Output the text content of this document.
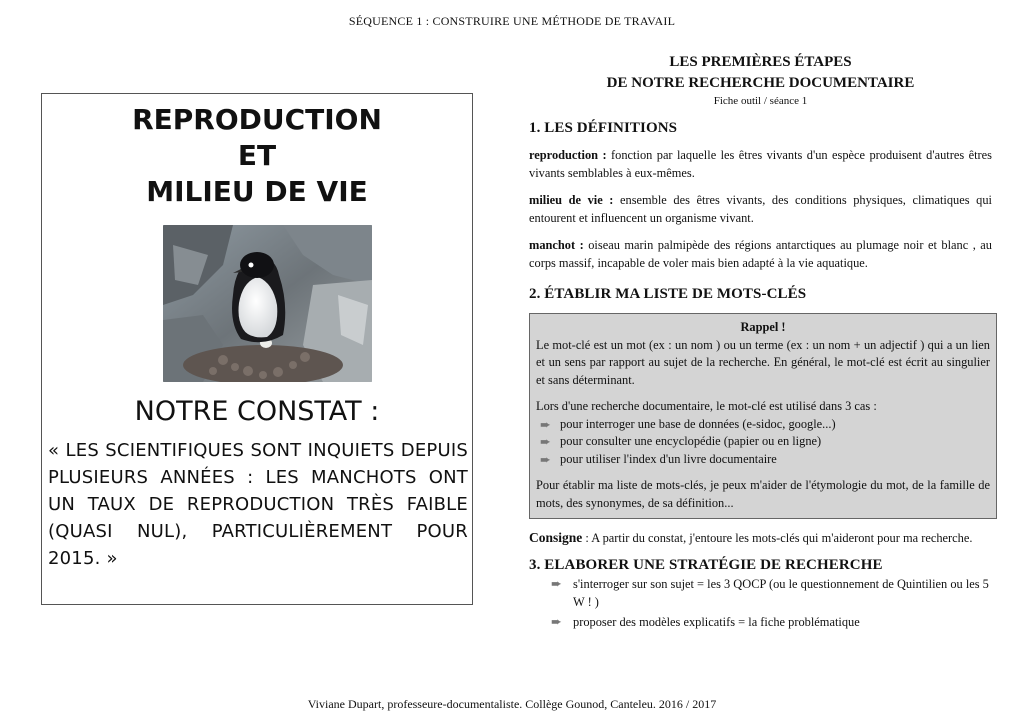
SÉQUENCE 1 : CONSTRUIRE UNE MÉTHODE DE TRAVAIL
REPRODUCTION
ET
MILIEU DE VIE
NOTRE CONSTAT :
« LES SCIENTIFIQUES SONT INQUIETS DEPUIS PLUSIEURS ANNÉES : LES MANCHOTS ONT UN TAUX DE REPRODUCTION TRÈS FAIBLE (QUASI NUL), PARTICULIÈREMENT POUR 2015. »
LES PREMIÈRES ÉTAPES
DE NOTRE RECHERCHE DOCUMENTAIRE
Fiche outil / séance 1
1. LES DÉFINITIONS

reproduction : fonction par laquelle les êtres vivants d'un espèce produisent d'autres êtres vivants semblables à eux-mêmes.

milieu de vie : ensemble des êtres vivants, des conditions physiques, climatiques qui entourent et influencent un organisme vivant.

manchot : oiseau marin palmipède des régions antarctiques au plumage noir et blanc , au corps massif, incapable de voler mais bien adapté à la vie aquatique.

2. ÉTABLIR MA LISTE DE MOTS-CLÉS
Rappel !

Le mot-clé est un mot (ex : un nom ) ou un terme (ex : un nom + un adjectif ) qui a un lien et un sens par rapport au sujet de la recherche. En général, le mot-clé est écrit au singulier et sans déterminant.

Lors d'une recherche documentaire, le mot-clé est utilisé dans 3 cas :

➨ pour interroger une base de données (e-sidoc, google...)
➨ pour consulter une encyclopédie (papier ou en ligne)
➨ pour utiliser l'index d'un livre documentaire

Pour établir ma liste de mots-clés, je peux m'aider de l'étymologie du mot, de la famille de mots, des synonymes, de sa définition...

Consigne : A partir du constat, j'entoure les mots-clés qui m'aideront pour ma recherche.
3. ELABORER UNE STRATÉGIE DE RECHERCHE
➨ s'interroger sur son sujet = les 3 QOCP (ou le questionnement de Quintilien ou les 5 W ! )
➨ proposer des modèles explicatifs = la fiche problématique
Viviane Dupart, professeure-documentaliste. Collège Gounod, Canteleu. 2016 / 2017
